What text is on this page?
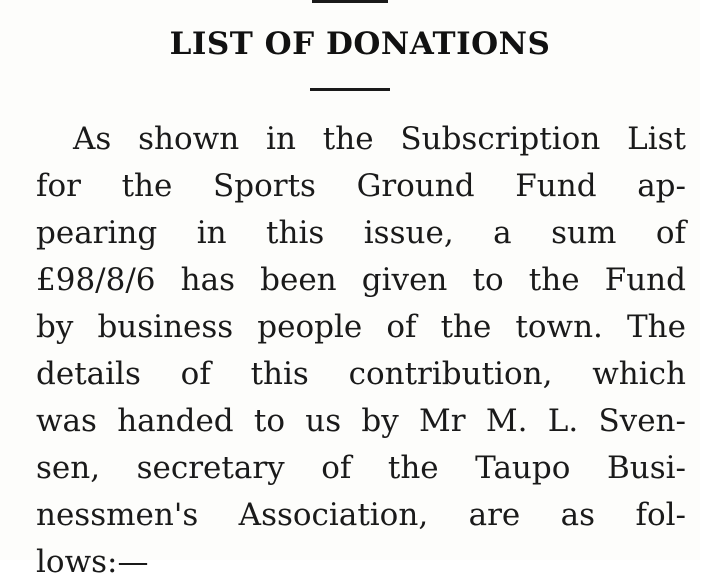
LIST OF DONATIONS
As shown in the Subscription List
for the Sports Ground Fund ap-
pearing in this issue, a sum of
£98/8/6 has been given to the Fund
by business people of the town. The
details of this contribution, which
was handed to us by Mr M. L. Sven-
sen, secretary of the Taupo Busi-
nessmen's Association, are as fol-
lows:—
